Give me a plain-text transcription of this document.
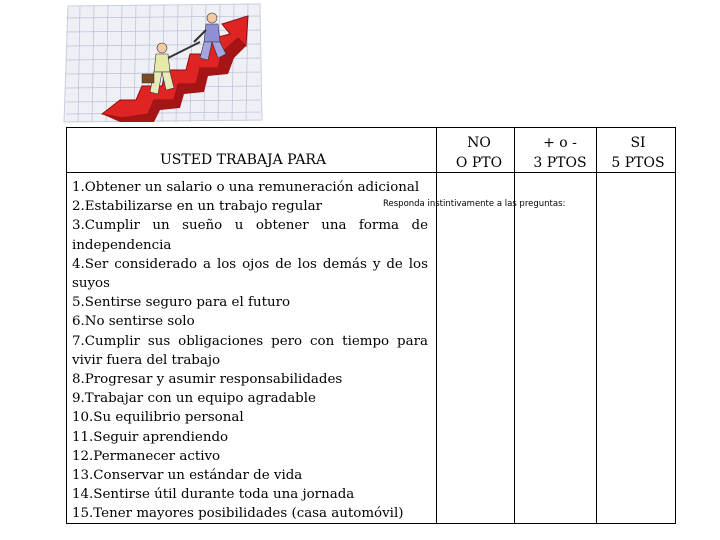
USTED TRABAJA PARA
NO
O PTO
+ o -
3 PTOS
SI
5 PTOS
1.Obtener un salario o una remuneración adicional
2.Estabilizarse en un trabajo regular
3.Cumplir un sueño u obtener una forma de independencia
4.Ser considerado a los ojos de los demás y de los suyos
5.Sentirse seguro para el futuro
6.No sentirse solo
7.Cumplir sus obligaciones pero con tiempo para vivir fuera del trabajo
8.Progresar y asumir responsabilidades
9.Trabajar con un equipo agradable
10.Su equilibrio personal
11.Seguir aprendiendo
12.Permanecer activo
13.Conservar un estándar de vida
14.Sentirse útil durante toda una jornada
15.Tener mayores posibilidades (casa automóvil)
Responda instintivamente a las preguntas:
